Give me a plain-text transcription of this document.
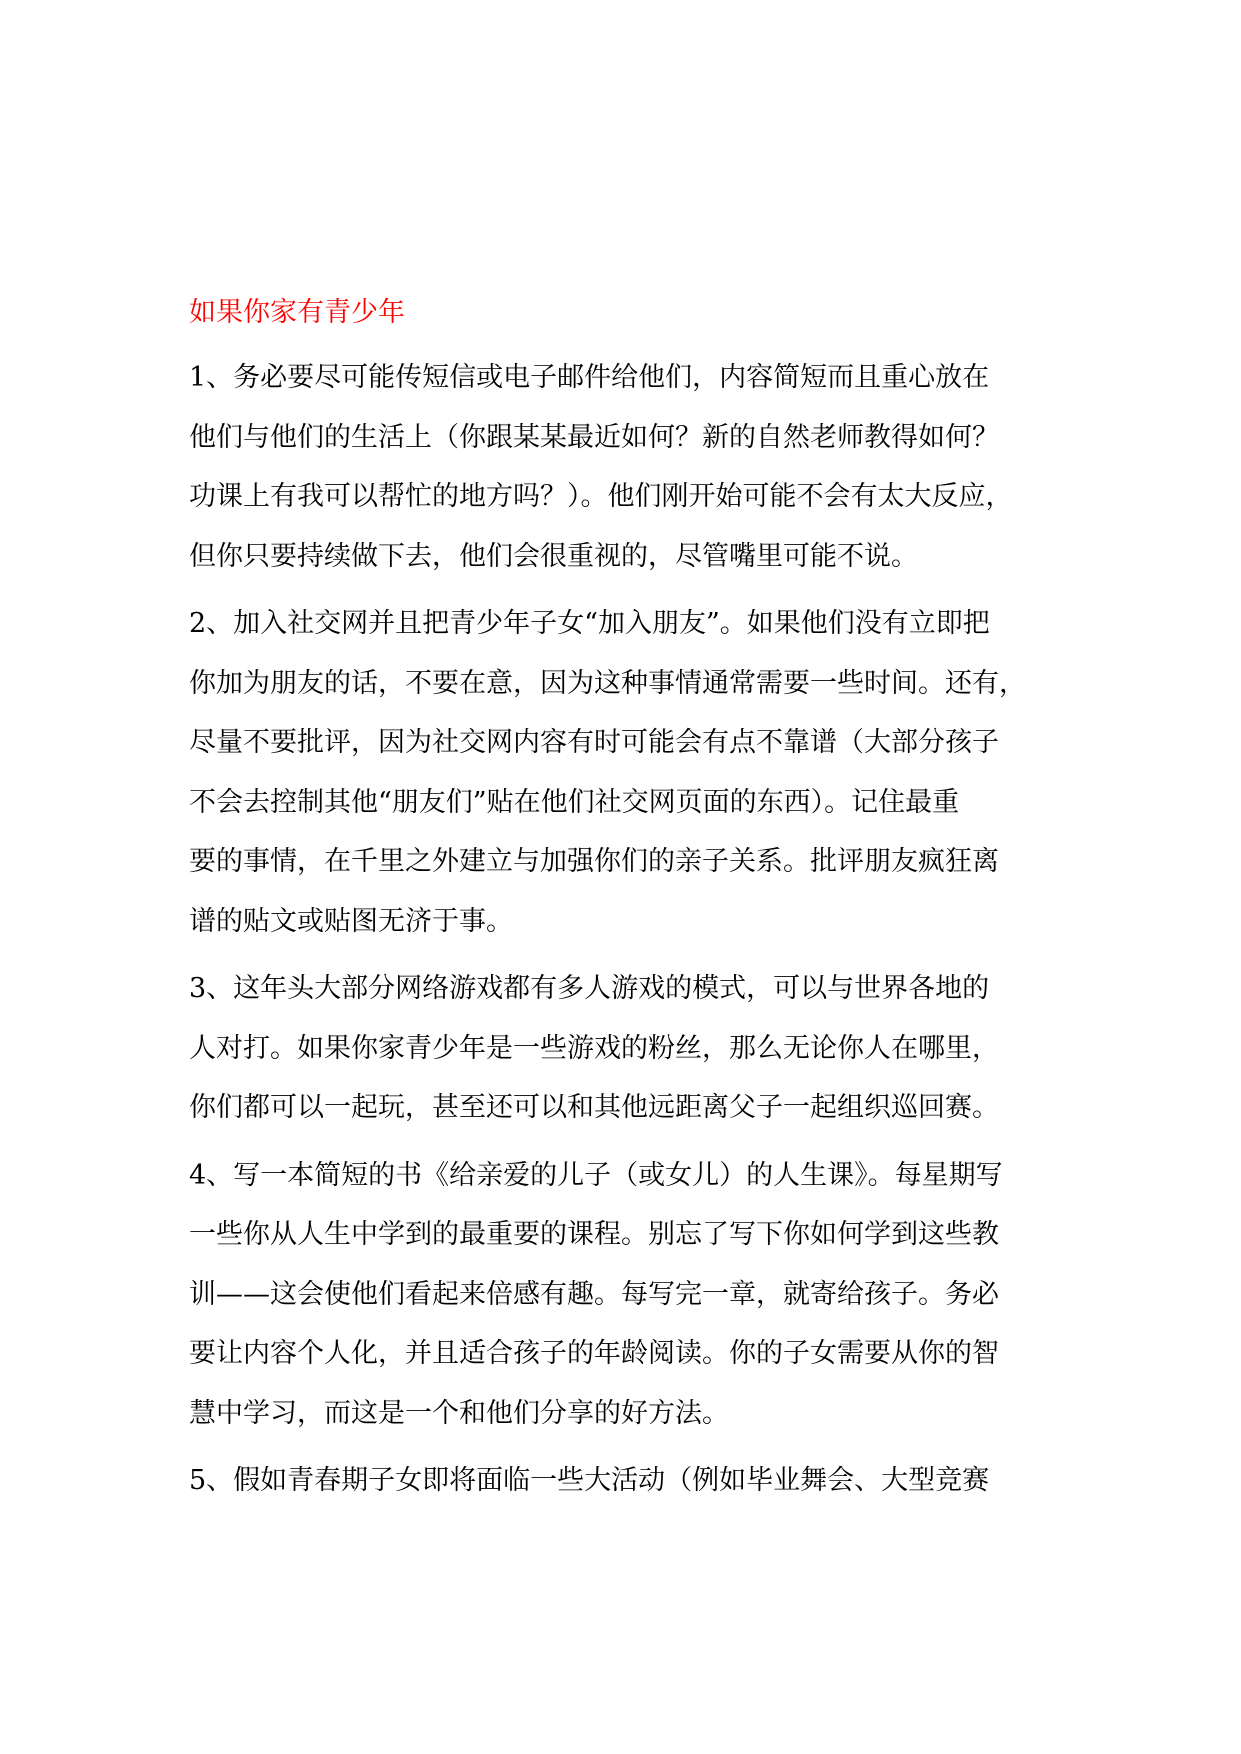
如果你家有青少年
1、务必要尽可能传短信或电子邮件给他们，内容简短而且重心放在
他们与他们的生活上（你跟某某最近如何？新的自然老师教得如何？
功课上有我可以帮忙的地方吗？）。他们刚开始可能不会有太大反应，
但你只要持续做下去，他们会很重视的，尽管嘴里可能不说。
2、加入社交网并且把青少年子女“加入朋友”。如果他们没有立即把
你加为朋友的话，不要在意，因为这种事情通常需要一些时间。还有，
尽量不要批评，因为社交网内容有时可能会有点不靠谱（大部分孩子
不会去控制其他“朋友们”贴在他们社交网页面的东西）。记住最重
要的事情，在千里之外建立与加强你们的亲子关系。批评朋友疯狂离
谱的贴文或贴图无济于事。
3、这年头大部分网络游戏都有多人游戏的模式，可以与世界各地的
人对打。如果你家青少年是一些游戏的粉丝，那么无论你人在哪里，
你们都可以一起玩，甚至还可以和其他远距离父子一起组织巡回赛。
4、写一本简短的书《给亲爱的儿子（或女儿）的人生课》。每星期写
一些你从人生中学到的最重要的课程。别忘了写下你如何学到这些教
训——这会使他们看起来倍感有趣。每写完一章，就寄给孩子。务必
要让内容个人化，并且适合孩子的年龄阅读。你的子女需要从你的智
慧中学习，而这是一个和他们分享的好方法。
5、假如青春期子女即将面临一些大活动（例如毕业舞会、大型竞赛
